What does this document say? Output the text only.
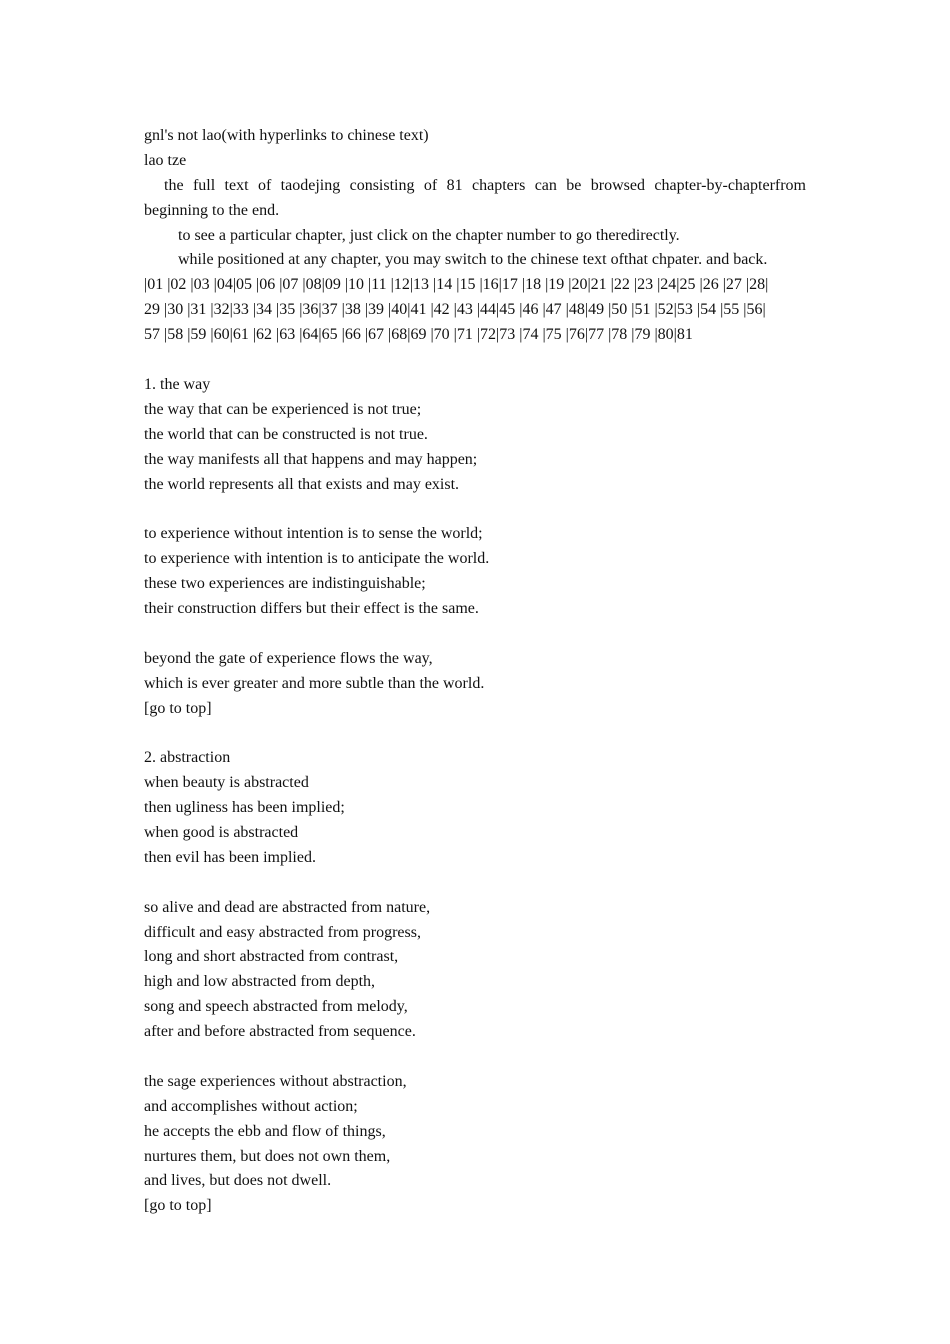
gnl's not lao(with hyperlinks to chinese text)
lao tze
the full text of taodejing consisting of 81 chapters can be browsed chapter-by-chapterfrom beginning to the end.
to see a particular chapter, just click on the chapter number to go theredirectly.
while positioned at any chapter, you may switch to the chinese text ofthat chpater. and back.
|01 |02 |03 |04|05 |06 |07 |08|09 |10 |11 |12|13 |14 |15 |16|17 |18 |19 |20|21 |22 |23 |24|25 |26 |27 |28|
29 |30 |31 |32|33 |34 |35 |36|37 |38 |39 |40|41 |42 |43 |44|45 |46 |47 |48|49 |50 |51 |52|53 |54 |55 |56|
57 |58 |59 |60|61 |62 |63 |64|65 |66 |67 |68|69 |70 |71 |72|73 |74 |75 |76|77 |78 |79 |80|81
1. the way
the way that can be experienced is not true;
the world that can be constructed is not true.
the way manifests all that happens and may happen;
the world represents all that exists and may exist.
to experience without intention is to sense the world;
to experience with intention is to anticipate the world.
these two experiences are indistinguishable;
their construction differs but their effect is the same.
beyond the gate of experience flows the way,
which is ever greater and more subtle than the world.
[go to top]
2. abstraction
when beauty is abstracted
then ugliness has been implied;
when good is abstracted
then evil has been implied.
so alive and dead are abstracted from nature,
difficult and easy abstracted from progress,
long and short abstracted from contrast,
high and low abstracted from depth,
song and speech abstracted from melody,
after and before abstracted from sequence.
the sage experiences without abstraction,
and accomplishes without action;
he accepts the ebb and flow of things,
nurtures them, but does not own them,
and lives, but does not dwell.
[go to top]
